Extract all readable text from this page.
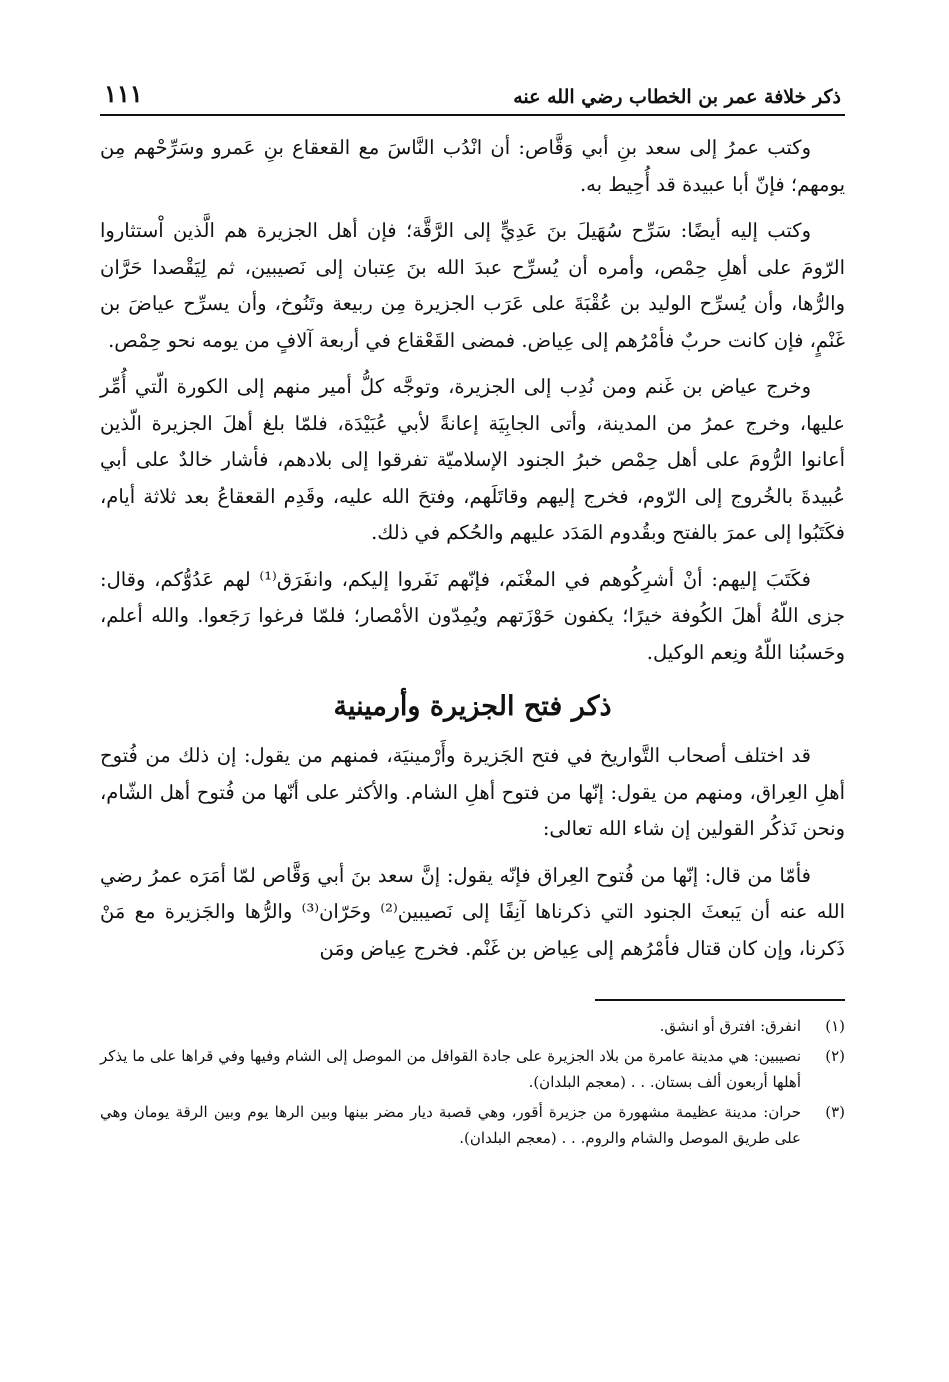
ذكر خلافة عمر بن الخطاب رضي الله عنه
١١١

وكتب عمرُ إلى سعد بنِ أبي وَقَّاص: أن انْدُب النَّاسَ مع القعقاع بنِ عَمرو وسَرِّحْهم مِن يومهم؛ فإنّ أبا عبيدة قد أُحِيط به.

وكتب إليه أيضًا: سَرِّح سُهَيلَ بنَ عَدِيٍّ إلى الرَّقَّة؛ فإن أهل الجزيرة هم الَّذين اْستثاروا الرّومَ على أهلِ حِمْص، وأمره أن يُسرِّح عبدَ الله بنَ عِتبان إلى نَصيبين، ثم لِيَقْصدا حَرَّان والرُّها، وأن يُسرِّح الوليد بن عُقْبَةَ على عَرَب الجزيرة مِن ربيعة وتَنُوخ، وأن يسرِّح عياضَ بن غَنْمٍ، فإن كانت حربٌ فأمْرُهم إلى عِياض. فمضى القَعْقاع في أربعة آلافٍ من يومه نحو حِمْص.

وخرج عياض بن غَنم ومن نُدِب إلى الجزيرة، وتوجَّه كلُّ أمير منهم إلى الكورة الّتي أُمِّر عليها، وخرج عمرُ من المدينة، وأتى الجابِيَة إعانةً لأبي عُبَيْدَة، فلمّا بلغ أهلَ الجزيرة الّذين أعانوا الرُّومَ على أهل حِمْص خبرُ الجنود الإسلاميّة تفرقوا إلى بلادهم، فأشار خالدٌ على أبي عُبيدةَ بالخُروج إلى الرّوم، فخرج إليهم وقاتَلَهم، وفتحَ الله عليه، وقَدِم القعقاعُ بعد ثلاثة أيام، فكَتَبُوا إلى عمرَ بالفتح وبقُدوم المَدَد عليهم والحُكم في ذلك.

فكَتَبَ إليهم: أنْ أشرِكُوهم في المغْنَم، فإنّهم نَفَروا إليكم، وانفَرَق⁽¹⁾ لهم عَدُوُّكم، وقال: جزى اللّهُ أهلَ الكُوفة خيرًا؛ يكفون حَوْزَتهم ويُمِدّون الأمْصار؛ فلمّا فرغوا رَجَعوا. والله أعلم، وحَسبُنا اللّهُ ونِعم الوكيل.

ذكر فتح الجزيرة وأرمينية

قد اختلف أصحاب التَّواريخ في فتح الجَزيرة وأَرْمينيَة، فمنهم من يقول: إن ذلك من فُتوح أهلِ العِراق، ومنهم من يقول: إنّها من فتوح أهلِ الشام. والأكثر على أنّها من فُتوح أهل الشّام، ونحن نَذكُر القولين إن شاء الله تعالى:

فأمّا من قال: إنّها من فُتوح العِراق فإنّه يقول: إنَّ سعد بنَ أبي وَقَّاص لمّا أمَرَه عمرُ رضي الله عنه أن يَبعثَ الجنود التي ذكرناها آنِفًا إلى نَصيبين⁽²⁾ وحَرّان⁽³⁾ والرُّها والجَزيرة مع مَنْ ذَكرنا، وإن كان قتال فأمْرُهم إلى عِياض بن غَنْم. فخرج عِياض ومَن

(١)
انفرق: افترق أو انشق.
(٢)
نصيبين: هي مدينة عامرة من بلاد الجزيرة على جادة القوافل من الموصل إلى الشام وفيها وفي قراها على ما يذكر أهلها أربعون ألف بستان. . . (معجم البلدان).
(٣)
حران: مدينة عظيمة مشهورة من جزيرة أقور، وهي قصبة ديار مضر بينها وبين الرها يوم وبين الرقة يومان وهي على طريق الموصل والشام والروم. . . (معجم البلدان).
